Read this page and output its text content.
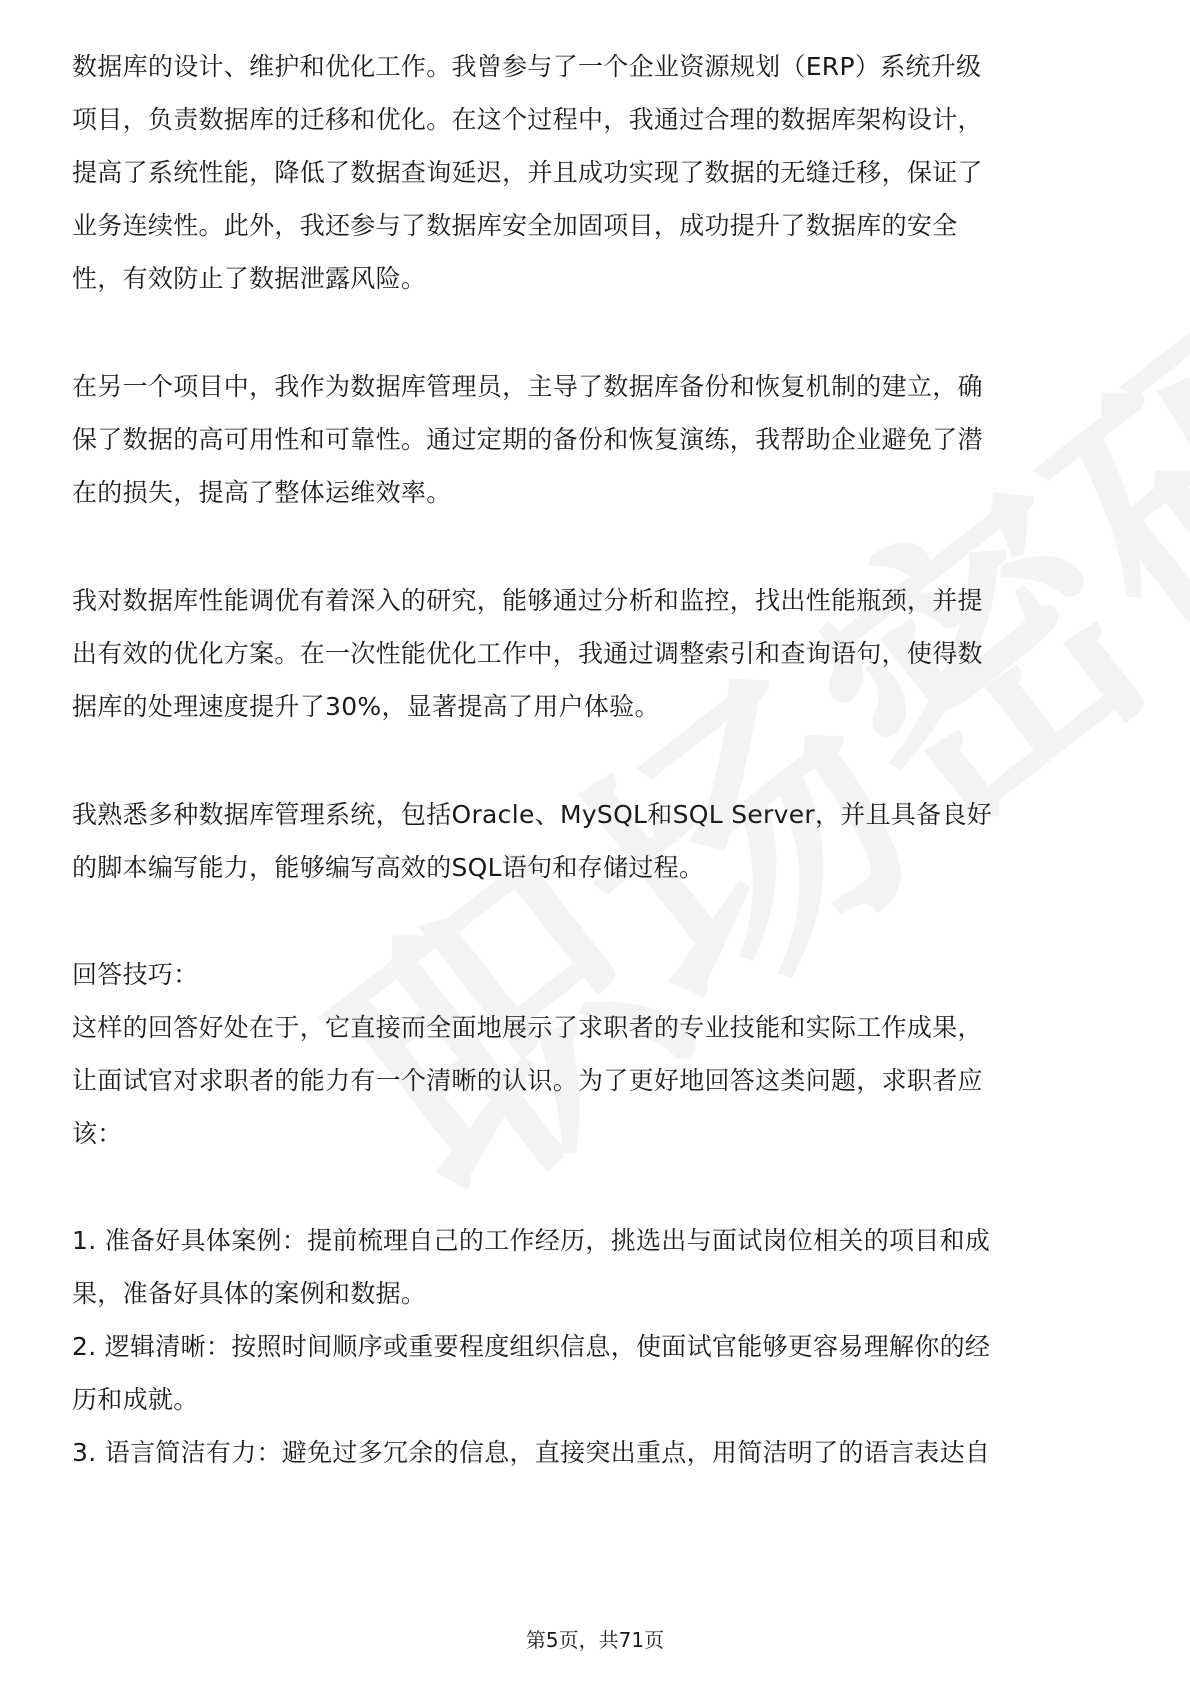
数据库的设计、维护和优化工作。我曾参与了一个企业资源规划（ERP）系统升级
项目，负责数据库的迁移和优化。在这个过程中，我通过合理的数据库架构设计，
提高了系统性能，降低了数据查询延迟，并且成功实现了数据的无缝迁移，保证了
业务连续性。此外，我还参与了数据库安全加固项目，成功提升了数据库的安全
性，有效防止了数据泄露风险。
在另一个项目中，我作为数据库管理员，主导了数据库备份和恢复机制的建立，确
保了数据的高可用性和可靠性。通过定期的备份和恢复演练，我帮助企业避免了潜
在的损失，提高了整体运维效率。
我对数据库性能调优有着深入的研究，能够通过分析和监控，找出性能瓶颈，并提
出有效的优化方案。在一次性能优化工作中，我通过调整索引和查询语句，使得数
据库的处理速度提升了30%，显著提高了用户体验。
我熟悉多种数据库管理系统，包括Oracle、MySQL和SQL Server，并且具备良好
的脚本编写能力，能够编写高效的SQL语句和存储过程。
回答技巧：
这样的回答好处在于，它直接而全面地展示了求职者的专业技能和实际工作成果，
让面试官对求职者的能力有一个清晰的认识。为了更好地回答这类问题，求职者应
该：
1. 准备好具体案例：提前梳理自己的工作经历，挑选出与面试岗位相关的项目和成
果，准备好具体的案例和数据。
2. 逻辑清晰：按照时间顺序或重要程度组织信息，使面试官能够更容易理解你的经
历和成就。
3. 语言简洁有力：避免过多冗余的信息，直接突出重点，用简洁明了的语言表达自
第5页，共71页
